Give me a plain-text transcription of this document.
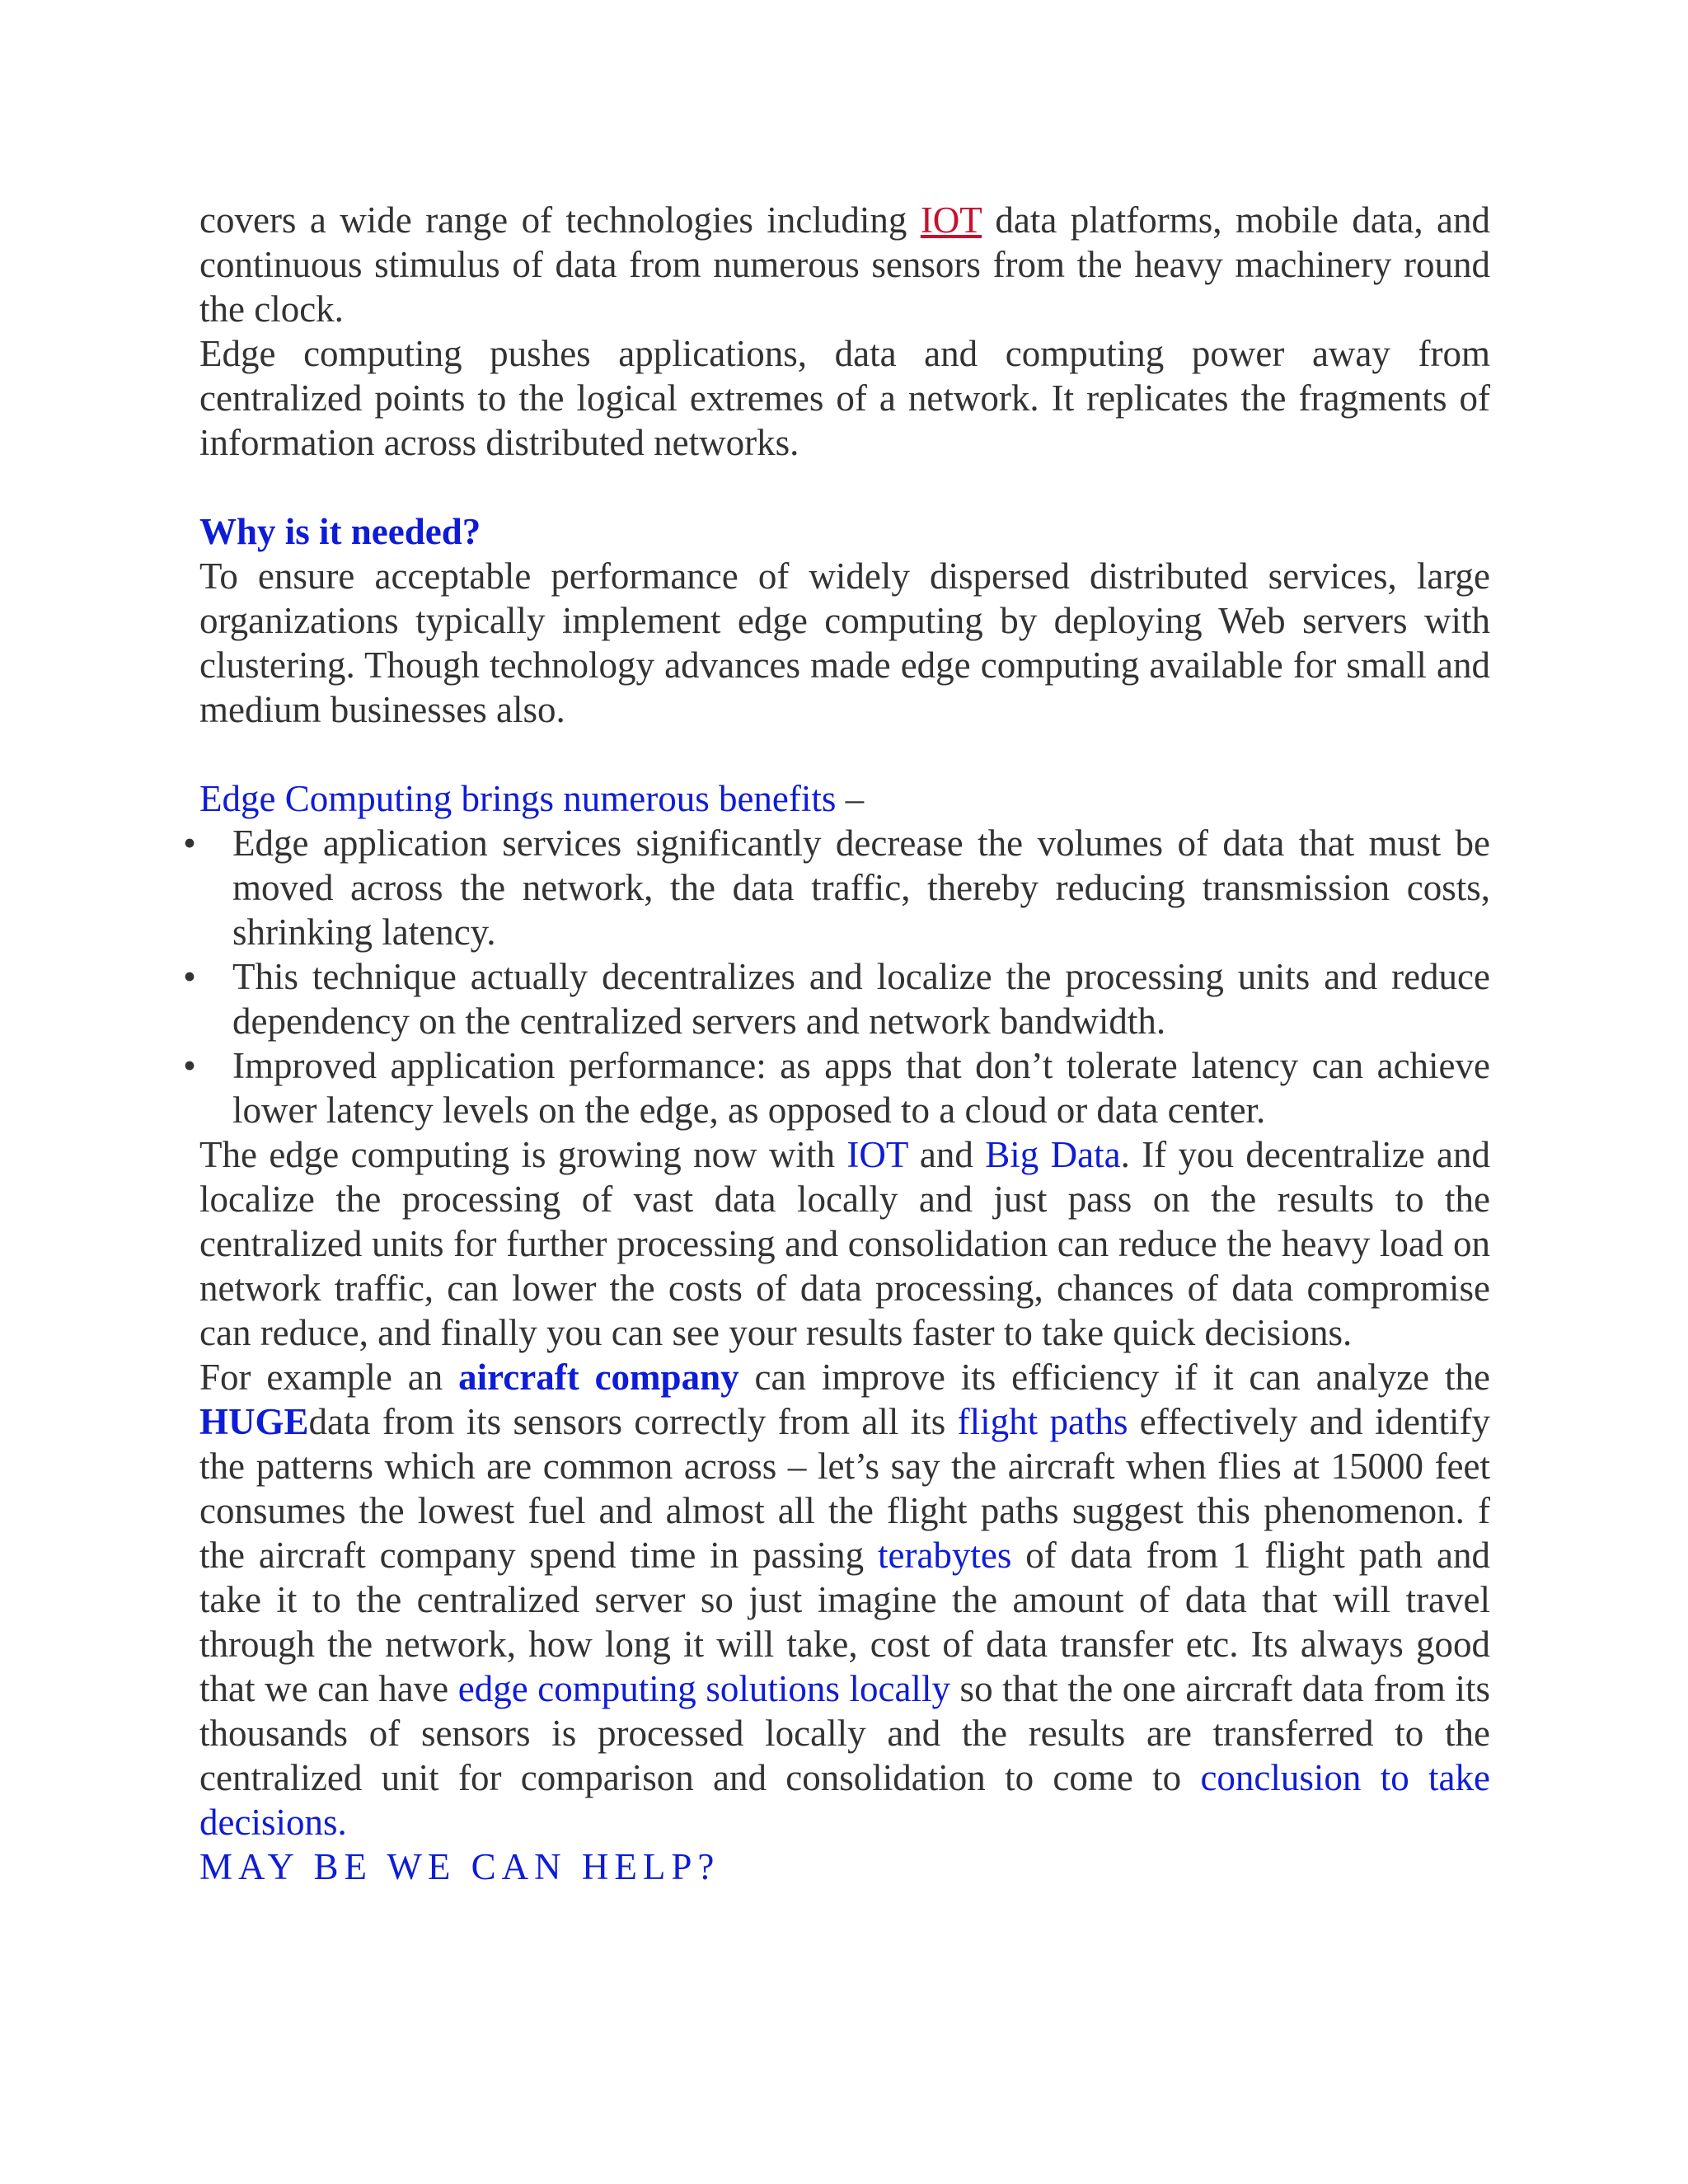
covers a wide range of technologies including IOT data platforms, mobile data, and continuous stimulus of data from numerous sensors from the heavy machinery round the clock.

Edge computing pushes applications, data and computing power away from centralized points to the logical extremes of a network. It replicates the fragments of information across distributed networks.

Why is it needed?

To ensure acceptable performance of widely dispersed distributed services, large organizations typically implement edge computing by deploying Web servers with clustering. Though technology advances made edge computing available for small and medium businesses also.

Edge Computing brings numerous benefits –

• Edge application services significantly decrease the volumes of data that must be moved across the network, the data traffic, thereby reducing transmission costs, shrinking latency.
• This technique actually decentralizes and localize the processing units and reduce dependency on the centralized servers and network bandwidth.
• Improved application performance: as apps that don’t tolerate latency can achieve lower latency levels on the edge, as opposed to a cloud or data center.

The edge computing is growing now with IOT and Big Data. If you decentralize and localize the processing of vast data locally and just pass on the results to the centralized units for further processing and consolidation can reduce the heavy load on network traffic, can lower the costs of data processing, chances of data compromise can reduce, and finally you can see your results faster to take quick decisions.

For example an aircraft company can improve its efficiency if it can analyze the HUGEdata from its sensors correctly from all its flight paths effectively and identify the patterns which are common across – let’s say the aircraft when flies at 15000 feet consumes the lowest fuel and almost all the flight paths suggest this phenomenon. f the aircraft company spend time in passing terabytes of data from 1 flight path and take it to the centralized server so just imagine the amount of data that will travel through the network, how long it will take, cost of data transfer etc. Its always good that we can have edge computing solutions locally so that the one aircraft data from its thousands of sensors is processed locally and the results are transferred to the centralized unit for comparison and consolidation to come to conclusion to take decisions.

MAY BE WE CAN HELP?
